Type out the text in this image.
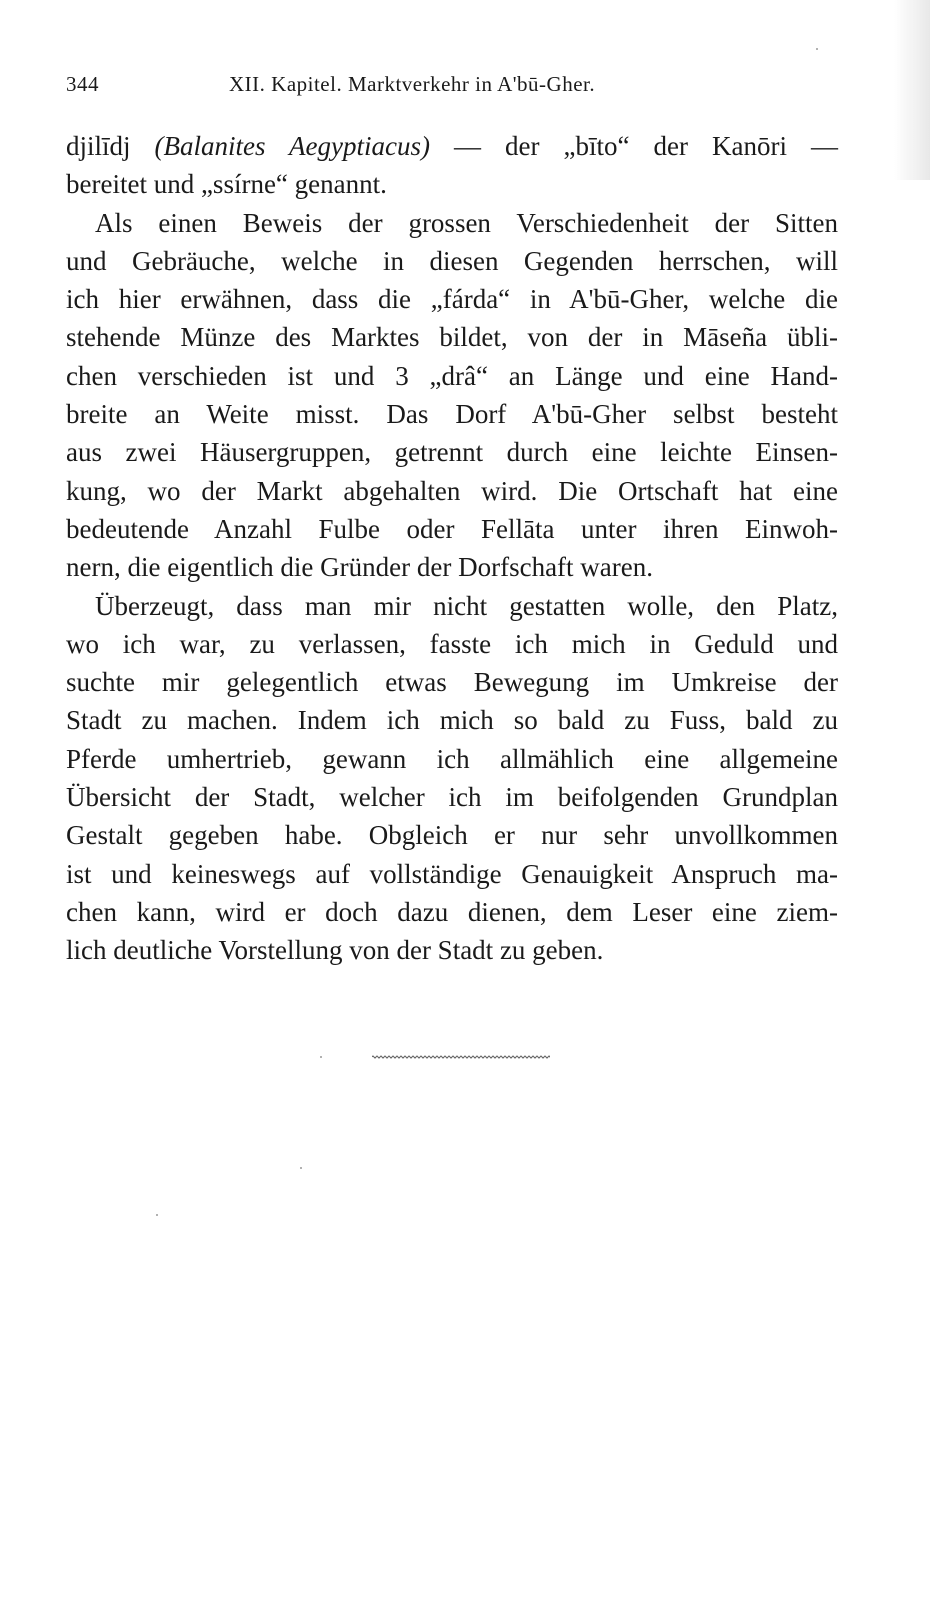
344	XII. Kapitel. Marktverkehr in A'bū-Gher.
djilīdj (Balanites Aegyptiacus) — der „bīto“ der Kanōri —
bereitet und „ssírne“ genannt.
Als einen Beweis der grossen Verschiedenheit der Sitten
und Gebräuche, welche in diesen Gegenden herrschen, will
ich hier erwähnen, dass die „fárda“ in A'bū-Gher, welche die
stehende Münze des Marktes bildet, von der in Māseña übli-
chen verschieden ist und 3 „drâ“ an Länge und eine Hand-
breite an Weite misst. Das Dorf A'bū-Gher selbst besteht
aus zwei Häusergruppen, getrennt durch eine leichte Einsen-
kung, wo der Markt abgehalten wird. Die Ortschaft hat eine
bedeutende Anzahl Fulbe oder Fellāta unter ihren Einwoh-
nern, die eigentlich die Gründer der Dorfschaft waren.
Überzeugt, dass man mir nicht gestatten wolle, den Platz,
wo ich war, zu verlassen, fasste ich mich in Geduld und
suchte mir gelegentlich etwas Bewegung im Umkreise der
Stadt zu machen. Indem ich mich so bald zu Fuss, bald zu
Pferde umhertrieb, gewann ich allmählich eine allgemeine
Übersicht der Stadt, welcher ich im beifolgenden Grundplan
Gestalt gegeben habe. Obgleich er nur sehr unvollkommen
ist und keineswegs auf vollständige Genauigkeit Anspruch ma-
chen kann, wird er doch dazu dienen, dem Leser eine ziem-
lich deutliche Vorstellung von der Stadt zu geben.
